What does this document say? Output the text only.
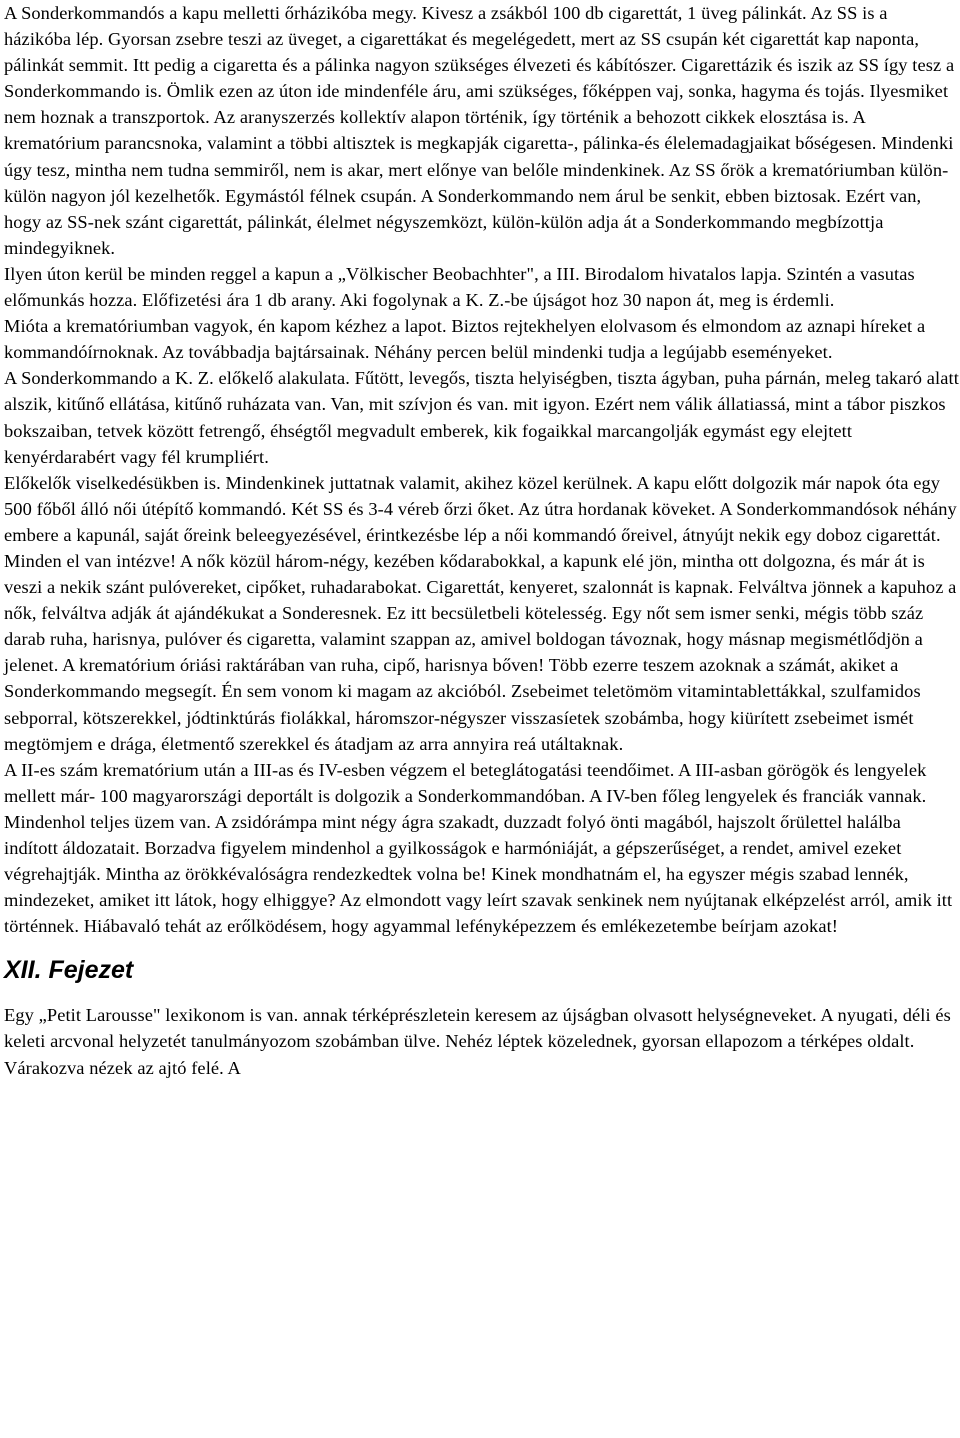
A Sonderkommandós a kapu melletti őrházikóba megy. Kivesz a zsákból 100 db cigarettát, 1 üveg pálinkát. Az SS is a házikóba lép. Gyorsan zsebre teszi az üveget, a cigarettákat és megelégedett, mert az SS csupán két cigarettát kap naponta, pálinkát semmit. Itt pedig a cigaretta és a pálinka nagyon szükséges élvezeti és kábítószer. Cigarettázik és iszik az SS így tesz a Sonderkommando is. Ömlik ezen az úton ide mindenféle áru, ami szükséges, főképpen vaj, sonka, hagyma és tojás. Ilyesmiket nem hoznak a transzportok. Az aranyszerzés kollektív alapon történik, így történik a behozott cikkek elosztása is. A krematórium parancsnoka, valamint a többi altisztek is megkapják cigaretta-, pálinka-és élelemadagjaikat bőségesen. Mindenki úgy tesz, mintha nem tudna semmiről, nem is akar, mert előnye van belőle mindenkinek. Az SS őrök a krematóriumban külön-külön nagyon jól kezelhetők. Egymástól félnek csupán. A Sonderkommando nem árul be senkit, ebben biztosak. Ezért van, hogy az SS-nek szánt cigarettát, pálinkát, élelmet négyszemközt, külön-külön adja át a Sonderkommando megbízottja mindegyiknek.

Ilyen úton kerül be minden reggel a kapun a „Völkischer Beobachhter", a III. Birodalom hivatalos lapja. Szintén a vasutas előmunkás hozza. Előfizetési ára 1 db arany. Aki fogolynak a K. Z.-be újságot hoz 30 napon át, meg is érdemli.

Mióta a krematóriumban vagyok, én kapom kézhez a lapot. Biztos rejtekhelyen elolvasom és elmondom az aznapi híreket a kommandóírnoknak. Az továbbadja bajtársainak. Néhány percen belül mindenki tudja a legújabb eseményeket.

A Sonderkommando a K. Z. előkelő alakulata. Fűtött, levegős, tiszta helyiségben, tiszta ágyban, puha párnán, meleg takaró alatt alszik, kitűnő ellátása, kitűnő ruházata van. Van, mit szívjon és van. mit igyon. Ezért nem válik állatiassá, mint a tábor piszkos bokszaiban, tetvek között fetrengő, éhségtől megvadult emberek, kik fogaikkal marcangolják egymást egy elejtett kenyérdarabért vagy fél krumpliért.

Előkelők viselkedésükben is. Mindenkinek juttatnak valamit, akihez közel kerülnek. A kapu előtt dolgozik már napok óta egy 500 főből álló női útépítő kommandó. Két SS és 3-4 véreb őrzi őket. Az útra hordanak köveket. A Sonderkommandósok néhány embere a kapunál, saját őreink beleegyezésével, érintkezésbe lép a női kommandó őreivel, átnyújt nekik egy doboz cigarettát. Minden el van intézve! A nők közül három-négy, kezében kődarabokkal, a kapunk elé jön, mintha ott dolgozna, és már át is veszi a nekik szánt pulóvereket, cipőket, ruhadarabokat. Cigarettát, kenyeret, szalonnát is kapnak. Felváltva jönnek a kapuhoz a nők, felváltva adják át ajándékukat a Sonderesnek. Ez itt becsületbeli kötelesség. Egy nőt sem ismer senki, mégis több száz darab ruha, harisnya, pulóver és cigaretta, valamint szappan az, amivel boldogan távoznak, hogy másnap megismétlődjön a jelenet. A krematórium óriási raktárában van ruha, cipő, harisnya bőven! Több ezerre teszem azoknak a számát, akiket a Sonderkommando megsegít. Én sem vonom ki magam az akcióból. Zsebeimet teletömöm vitamintablettákkal, szulfamidos sebporral, kötszerekkel, jódtinktúrás fiolákkal, háromszor-négyszer visszasíetek szobámba, hogy kiürített zsebeimet ismét megtömjem e drága, életmentő szerekkel és átadjam az arra annyira reá utáltaknak.

A II-es szám krematórium után a III-as és IV-esben végzem el beteglátogatási teendőimet. A III-asban görögök és lengyelek mellett már- 100 magyarországi deportált is dolgozik a Sonderkommandóban. A IV-ben főleg lengyelek és franciák vannak.

Mindenhol teljes üzem van. A zsidórámpa mint négy ágra szakadt, duzzadt folyó önti magából, hajszolt őrülettel halálba indított áldozatait. Borzadva figyelem mindenhol a gyilkosságok e harmóniáját, a gépszerűséget, a rendet, amivel ezeket végrehajtják. Mintha az örökkévalóságra rendezkedtek volna be! Kinek mondhatnám el, ha egyszer mégis szabad lennék, mindezeket, amiket itt látok, hogy elhiggye? Az elmondott vagy leírt szavak senkinek nem nyújtanak elképzelést arról, amik itt történnek. Hiábavaló tehát az erőlködésem, hogy agyammal lefényképezzem és emlékezetembe beírjam azokat!

XII. Fejezet

Egy „Petit Larousse" lexikonom is van. annak térképrészletein keresem az újságban olvasott helységneveket. A nyugati, déli és keleti arcvonal helyzetét tanulmányozom szobámban ülve. Nehéz léptek közelednek, gyorsan ellapozom a térképes oldalt. Várakozva nézek az ajtó felé. A
